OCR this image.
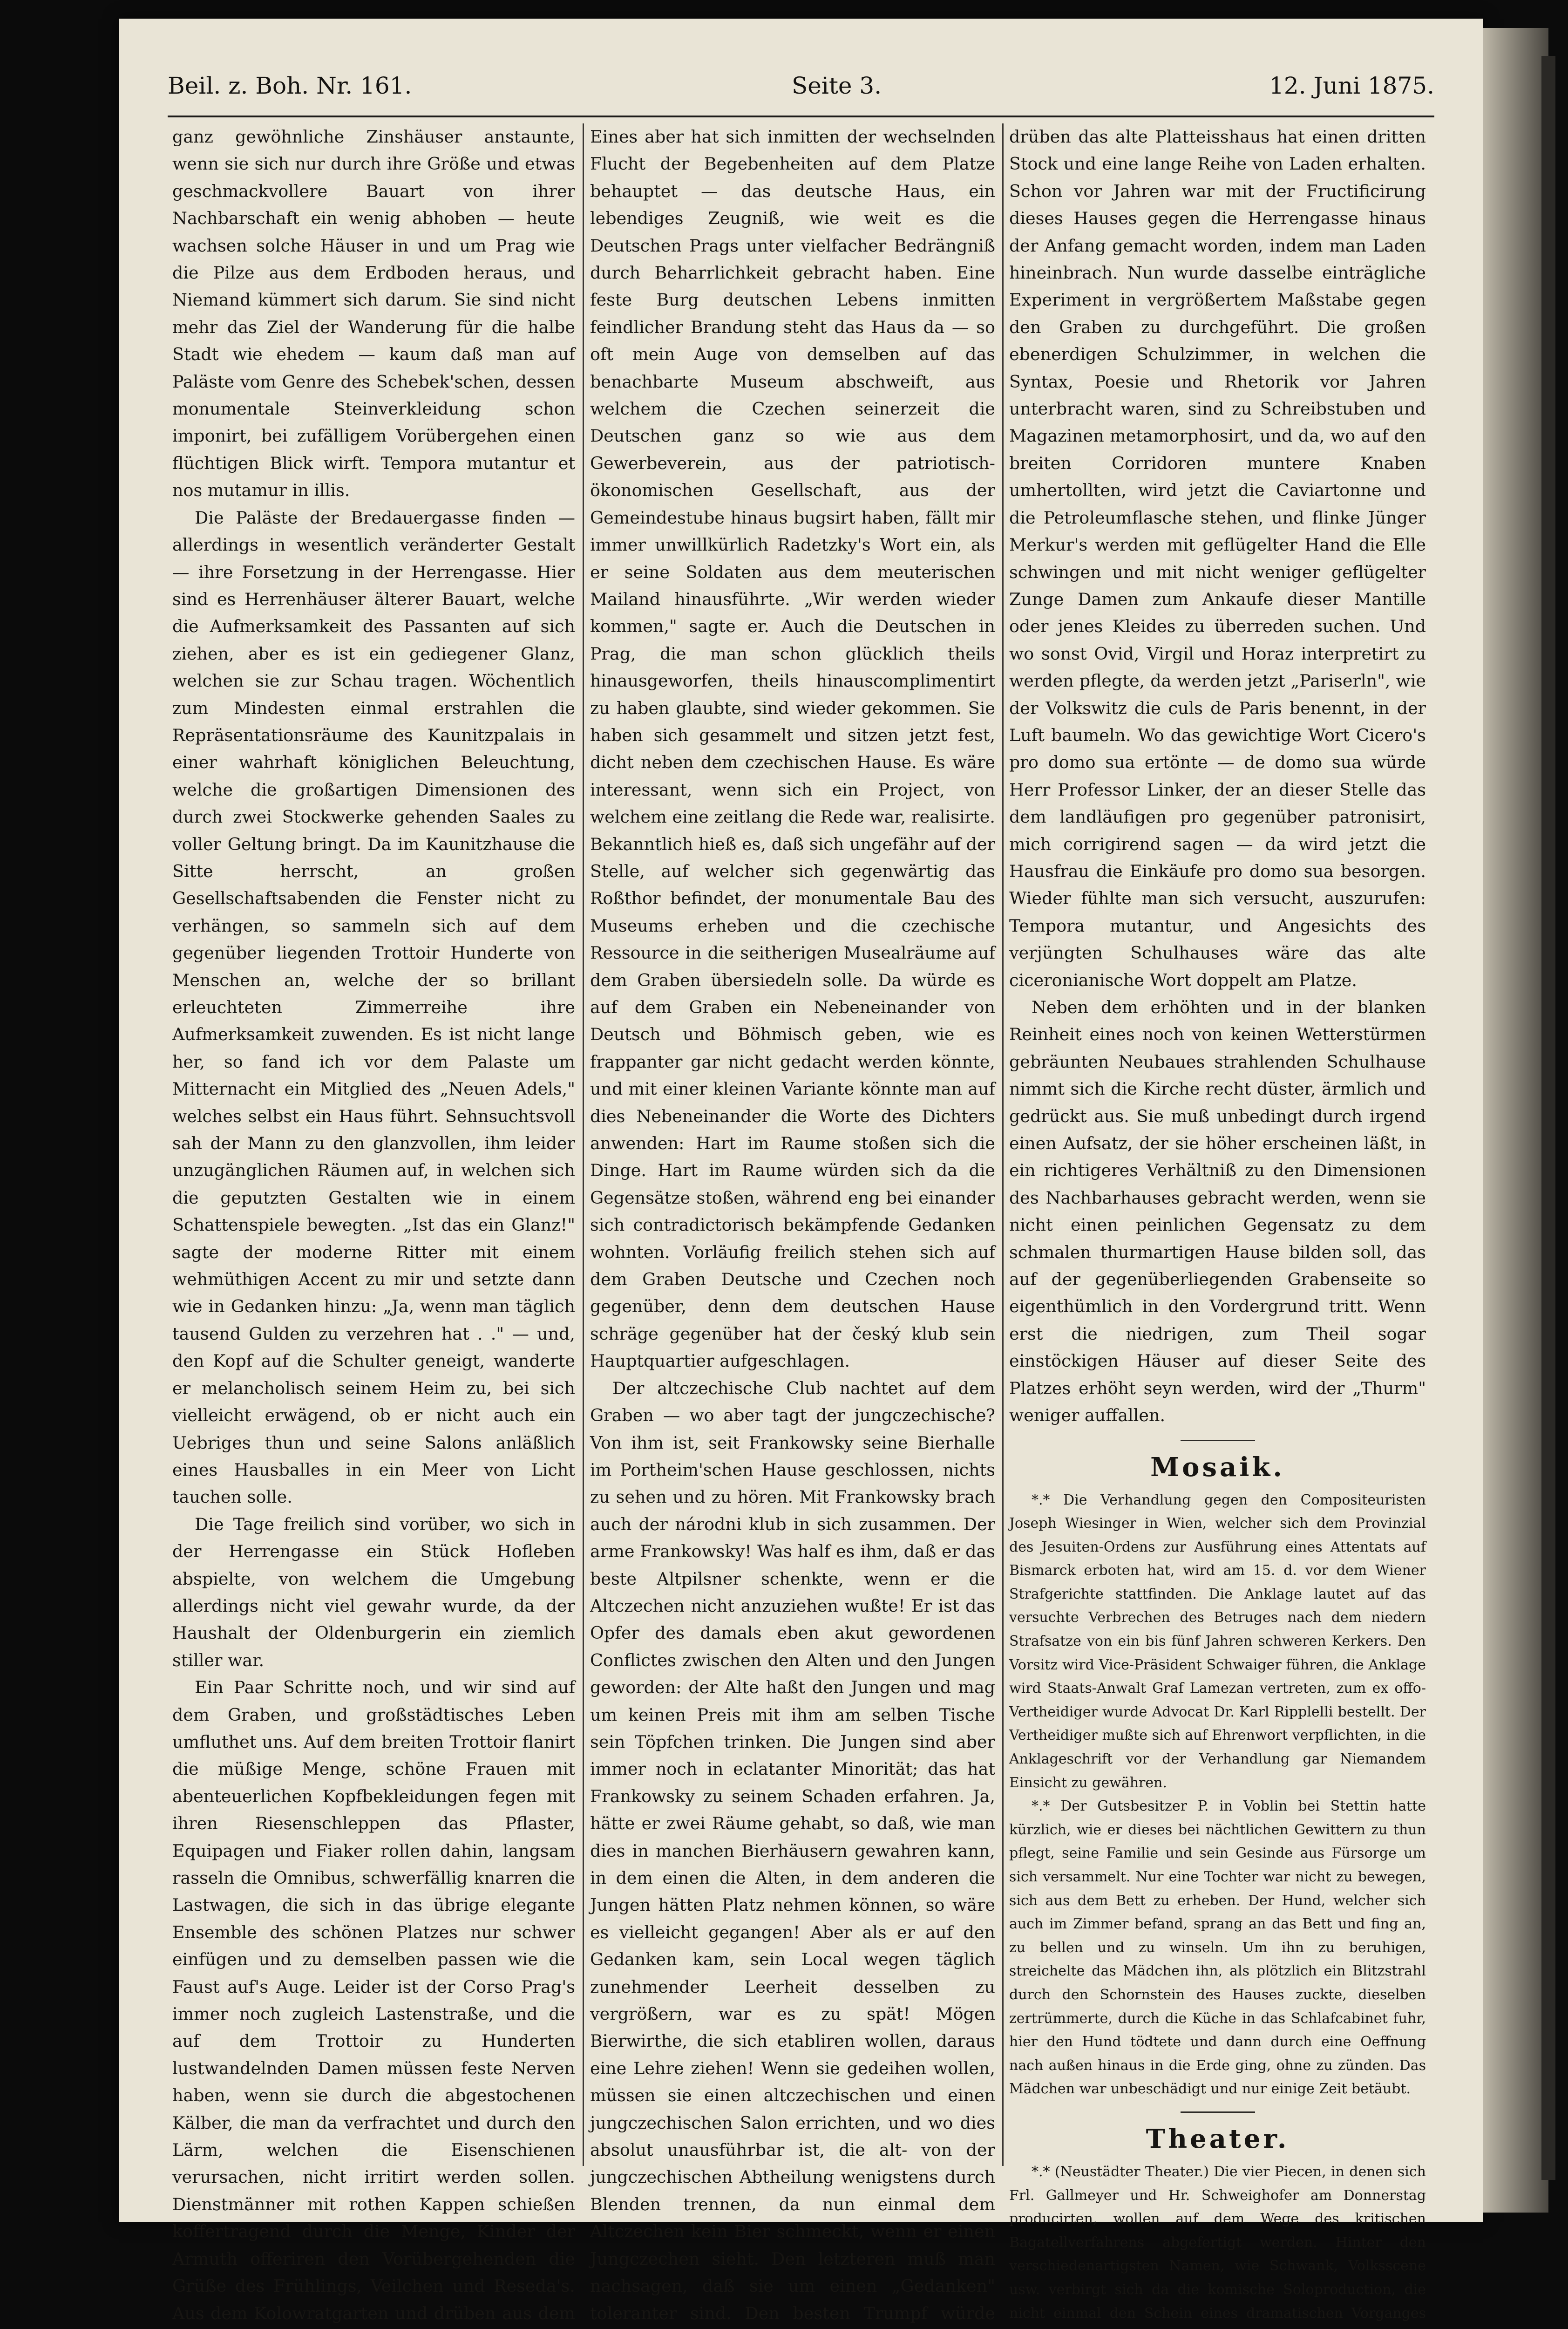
Beil. z. Boh. Nr. 161.	Seite 3.	12. Juni 1875.

ganz gewöhnliche Zinshäuser anstaunte, wenn sie sich nur durch ihre Größe und etwas geschmackvollere Bauart von ihrer Nachbarschaft ein wenig abhoben — heute wachsen solche Häuser in und um Prag wie die Pilze aus dem Erdboden heraus, und Niemand kümmert sich darum. Sie sind nicht mehr das Ziel der Wanderung für die halbe Stadt wie ehedem — kaum daß man auf Paläste vom Genre des Schebek'schen, dessen monumentale Steinverkleidung schon imponirt, bei zufälligem Vorübergehen einen flüchtigen Blick wirft. Tempora mutantur et nos mutamur in illis.

Die Paläste der Bredauergasse finden — allerdings in wesentlich veränderter Gestalt — ihre Forsetzung in der Herrengasse. Hier sind es Herrenhäuser älterer Bauart, welche die Aufmerksamkeit des Passanten auf sich ziehen, aber es ist ein gediegener Glanz, welchen sie zur Schau tragen. Wöchentlich zum Mindesten einmal erstrahlen die Repräsentationsräume des Kaunitzpalais in einer wahrhaft königlichen Beleuchtung, welche die großartigen Dimensionen des durch zwei Stockwerke gehenden Saales zu voller Geltung bringt. Da im Kaunitzhause die Sitte herrscht, an großen Gesellschaftsabenden die Fenster nicht zu verhängen, so sammeln sich auf dem gegenüber liegenden Trottoir Hunderte von Menschen an, welche der so brillant erleuchteten Zimmerreihe ihre Aufmerksamkeit zuwenden. Es ist nicht lange her, so fand ich vor dem Palaste um Mitternacht ein Mitglied des „Neuen Adels," welches selbst ein Haus führt. Sehnsuchtsvoll sah der Mann zu den glanzvollen, ihm leider unzugänglichen Räumen auf, in welchen sich die geputzten Gestalten wie in einem Schattenspiele bewegten. „Ist das ein Glanz!" sagte der moderne Ritter mit einem wehmüthigen Accent zu mir und setzte dann wie in Gedanken hinzu: „Ja, wenn man täglich tausend Gulden zu verzehren hat . ." — und, den Kopf auf die Schulter geneigt, wanderte er melancholisch seinem Heim zu, bei sich vielleicht erwägend, ob er nicht auch ein Uebriges thun und seine Salons anläßlich eines Hausballes in ein Meer von Licht tauchen solle.

Die Tage freilich sind vorüber, wo sich in der Herrengasse ein Stück Hofleben abspielte, von welchem die Umgebung allerdings nicht viel gewahr wurde, da der Haushalt der Oldenburgerin ein ziemlich stiller war.

Ein Paar Schritte noch, und wir sind auf dem Graben, und großstädtisches Leben umfluthet uns. Auf dem breiten Trottoir flanirt die müßige Menge, schöne Frauen mit abenteuerlichen Kopfbekleidungen fegen mit ihren Riesenschleppen das Pflaster, Equipagen und Fiaker rollen dahin, langsam rasseln die Omnibus, schwerfällig knarren die Lastwagen, die sich in das übrige elegante Ensemble des schönen Platzes nur schwer einfügen und zu demselben passen wie die Faust auf's Auge. Leider ist der Corso Prag's immer noch zugleich Lastenstraße, und die auf dem Trottoir zu Hunderten lustwandelnden Damen müssen feste Nerven haben, wenn sie durch die abgestochenen Kälber, die man da verfrachtet und durch den Lärm, welchen die Eisenschienen verursachen, nicht irritirt werden sollen. Dienstmänner mit rothen Kappen schießen koffertragend durch die Menge, Kinder der Armuth offeriren den Vorübergehenden die Grüße des Frühlings, Veilchen und Reseda's. Aus dem Kolowratgarten und drüben aus dem

Eines aber hat sich inmitten der wechselnden Flucht der Begebenheiten auf dem Platze behauptet — das deutsche Haus, ein lebendiges Zeugniß, wie weit es die Deutschen Prags unter vielfacher Bedrängniß durch Beharrlichkeit gebracht haben. Eine feste Burg deutschen Lebens inmitten feindlicher Brandung steht das Haus da — so oft mein Auge von demselben auf das benachbarte Museum abschweift, aus welchem die Czechen seinerzeit die Deutschen ganz so wie aus dem Gewerbeverein, aus der patriotisch-ökonomischen Gesellschaft, aus der Gemeindestube hinaus bugsirt haben, fällt mir immer unwillkürlich Radetzky's Wort ein, als er seine Soldaten aus dem meuterischen Mailand hinausführte. „Wir werden wieder kommen," sagte er. Auch die Deutschen in Prag, die man schon glücklich theils hinausgeworfen, theils hinauscomplimentirt zu haben glaubte, sind wieder gekommen. Sie haben sich gesammelt und sitzen jetzt fest, dicht neben dem czechischen Hause. Es wäre interessant, wenn sich ein Project, von welchem eine zeitlang die Rede war, realisirte. Bekanntlich hieß es, daß sich ungefähr auf der Stelle, auf welcher sich gegenwärtig das Roßthor befindet, der monumentale Bau des Museums erheben und die czechische Ressource in die seitherigen Musealräume auf dem Graben übersiedeln solle. Da würde es auf dem Graben ein Nebeneinander von Deutsch und Böhmisch geben, wie es frappanter gar nicht gedacht werden könnte, und mit einer kleinen Variante könnte man auf dies Nebeneinander die Worte des Dichters anwenden: Hart im Raume stoßen sich die Dinge. Hart im Raume würden sich da die Gegensätze stoßen, während eng bei einander sich contradictorisch bekämpfende Gedanken wohnten. Vorläufig freilich stehen sich auf dem Graben Deutsche und Czechen noch gegenüber, denn dem deutschen Hause schräge gegenüber hat der český klub sein Hauptquartier aufgeschlagen.

Der altczechische Club nachtet auf dem Graben — wo aber tagt der jungczechische? Von ihm ist, seit Frankowsky seine Bierhalle im Portheim'schen Hause geschlossen, nichts zu sehen und zu hören. Mit Frankowsky brach auch der národni klub in sich zusammen. Der arme Frankowsky! Was half es ihm, daß er das beste Altpilsner schenkte, wenn er die Altczechen nicht anzuziehen wußte! Er ist das Opfer des damals eben akut gewordenen Conflictes zwischen den Alten und den Jungen geworden: der Alte haßt den Jungen und mag um keinen Preis mit ihm am selben Tische sein Töpfchen trinken. Die Jungen sind aber immer noch in eclatanter Minorität; das hat Frankowsky zu seinem Schaden erfahren. Ja, hätte er zwei Räume gehabt, so daß, wie man dies in manchen Bierhäusern gewahren kann, in dem einen die Alten, in dem anderen die Jungen hätten Platz nehmen können, so wäre es vielleicht gegangen! Aber als er auf den Gedanken kam, sein Local wegen täglich zunehmender Leerheit desselben zu vergrößern, war es zu spät! Mögen Bierwirthe, die sich etabliren wollen, daraus eine Lehre ziehen! Wenn sie gedeihen wollen, müssen sie einen altczechischen und einen jungczechischen Salon errichten, und wo dies absolut unausführbar ist, die alt- von der jungczechischen Abtheilung wenigstens durch Blenden trennen, da nun einmal dem Altczechen kein Bier schmeckt, wenn er einen Jungczechen sieht. Den letzteren muß man nachsagen, daß sie um einen „Gedanken" toleranter sind. Den besten Trumpf würde

drüben das alte Platteisshaus hat einen dritten Stock und eine lange Reihe von Laden erhalten. Schon vor Jahren war mit der Fructificirung dieses Hauses gegen die Herrengasse hinaus der Anfang gemacht worden, indem man Laden hineinbrach. Nun wurde dasselbe einträgliche Experiment in vergrößertem Maßstabe gegen den Graben zu durchgeführt. Die großen ebenerdigen Schulzimmer, in welchen die Syntax, Poesie und Rhetorik vor Jahren unterbracht waren, sind zu Schreibstuben und Magazinen metamorphosirt, und da, wo auf den breiten Corridoren muntere Knaben umhertollten, wird jetzt die Caviartonne und die Petroleumflasche stehen, und flinke Jünger Merkur's werden mit geflügelter Hand die Elle schwingen und mit nicht weniger geflügelter Zunge Damen zum Ankaufe dieser Mantille oder jenes Kleides zu überreden suchen. Und wo sonst Ovid, Virgil und Horaz interpretirt zu werden pflegte, da werden jetzt „Pariserln", wie der Volkswitz die culs de Paris benennt, in der Luft baumeln. Wo das gewichtige Wort Cicero's pro domo sua ertönte — de domo sua würde Herr Professor Linker, der an dieser Stelle das dem landläufigen pro gegenüber patronisirt, mich corrigirend sagen — da wird jetzt die Hausfrau die Einkäufe pro domo sua besorgen. Wieder fühlte man sich versucht, auszurufen: Tempora mutantur, und Angesichts des verjüngten Schulhauses wäre das alte ciceronianische Wort doppelt am Platze.

Neben dem erhöhten und in der blanken Reinheit eines noch von keinen Wetterstürmen gebräunten Neubaues strahlenden Schulhause nimmt sich die Kirche recht düster, ärmlich und gedrückt aus. Sie muß unbedingt durch irgend einen Aufsatz, der sie höher erscheinen läßt, in ein richtigeres Verhältniß zu den Dimensionen des Nachbarhauses gebracht werden, wenn sie nicht einen peinlichen Gegensatz zu dem schmalen thurmartigen Hause bilden soll, das auf der gegenüberliegenden Grabenseite so eigenthümlich in den Vordergrund tritt. Wenn erst die niedrigen, zum Theil sogar einstöckigen Häuser auf dieser Seite des Platzes erhöht seyn werden, wird der „Thurm" weniger auffallen.

Mosaik.

*.* Die Verhandlung gegen den Compositeuristen Joseph Wiesinger in Wien, welcher sich dem Provinzial des Jesuiten-Ordens zur Ausführung eines Attentats auf Bismarck erboten hat, wird am 15. d. vor dem Wiener Strafgerichte stattfinden. Die Anklage lautet auf das versuchte Verbrechen des Betruges nach dem niedern Strafsatze von ein bis fünf Jahren schweren Kerkers. Den Vorsitz wird Vice-Präsident Schwaiger führen, die Anklage wird Staats-Anwalt Graf Lamezan vertreten, zum ex offo-Vertheidiger wurde Advocat Dr. Karl Ripplelli bestellt. Der Vertheidiger mußte sich auf Ehrenwort verpflichten, in die Anklageschrift vor der Verhandlung gar Niemandem Einsicht zu gewähren.

*.* Der Gutsbesitzer P. in Voblin bei Stettin hatte kürzlich, wie er dieses bei nächtlichen Gewittern zu thun pflegt, seine Familie und sein Gesinde aus Fürsorge um sich versammelt. Nur eine Tochter war nicht zu bewegen, sich aus dem Bett zu erheben. Der Hund, welcher sich auch im Zimmer befand, sprang an das Bett und fing an, zu bellen und zu winseln. Um ihn zu beruhigen, streichelte das Mädchen ihn, als plötzlich ein Blitzstrahl durch den Schornstein des Hauses zuckte, dieselben zertrümmerte, durch die Küche in das Schlafcabinet fuhr, hier den Hund tödtete und dann durch eine Oeffnung nach außen hinaus in die Erde ging, ohne zu zünden. Das Mädchen war unbeschädigt und nur einige Zeit betäubt.

Theater.

*.* (Neustädter Theater.) Die vier Piecen, in denen sich Frl. Gallmeyer und Hr. Schweighofer am Donnerstag producirten, wollen auf dem Wege des kritischen Bagatellverfahrens abgefertigt werden. Hinter den verschiedenartigsten Namen, wie Schwank, Volksscene usw. verbirgt sich da die komische Soloproduction, die nicht einmal den Schein eines dramatischen Vorganges
